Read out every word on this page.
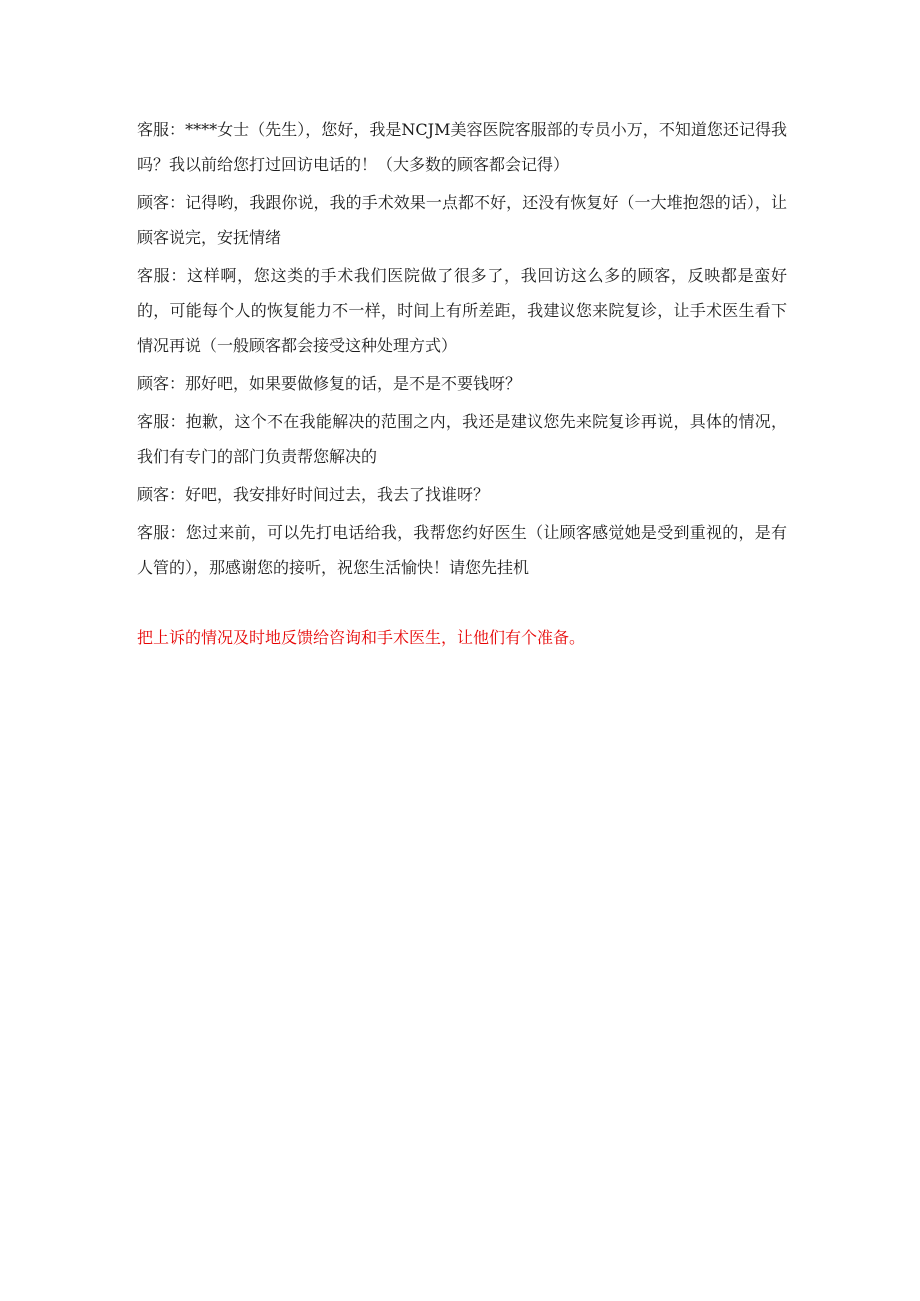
客服：****女士（先生），您好，我是NCJM美容医院客服部的专员小万，不知道您还记得我吗？我以前给您打过回访电话的！（大多数的顾客都会记得）

顾客：记得哟，我跟你说，我的手术效果一点都不好，还没有恢复好（一大堆抱怨的话），让顾客说完，安抚情绪

客服：这样啊，您这类的手术我们医院做了很多了，我回访这么多的顾客，反映都是蛮好的，可能每个人的恢复能力不一样，时间上有所差距，我建议您来院复诊，让手术医生看下情况再说（一般顾客都会接受这种处理方式）

顾客：那好吧，如果要做修复的话，是不是不要钱呀？

客服：抱歉，这个不在我能解决的范围之内，我还是建议您先来院复诊再说，具体的情况，我们有专门的部门负责帮您解决的

顾客：好吧，我安排好时间过去，我去了找谁呀？

客服：您过来前，可以先打电话给我，我帮您约好医生（让顾客感觉她是受到重视的，是有人管的），那感谢您的接听，祝您生活愉快！请您先挂机

把上诉的情况及时地反馈给咨询和手术医生，让他们有个准备。
